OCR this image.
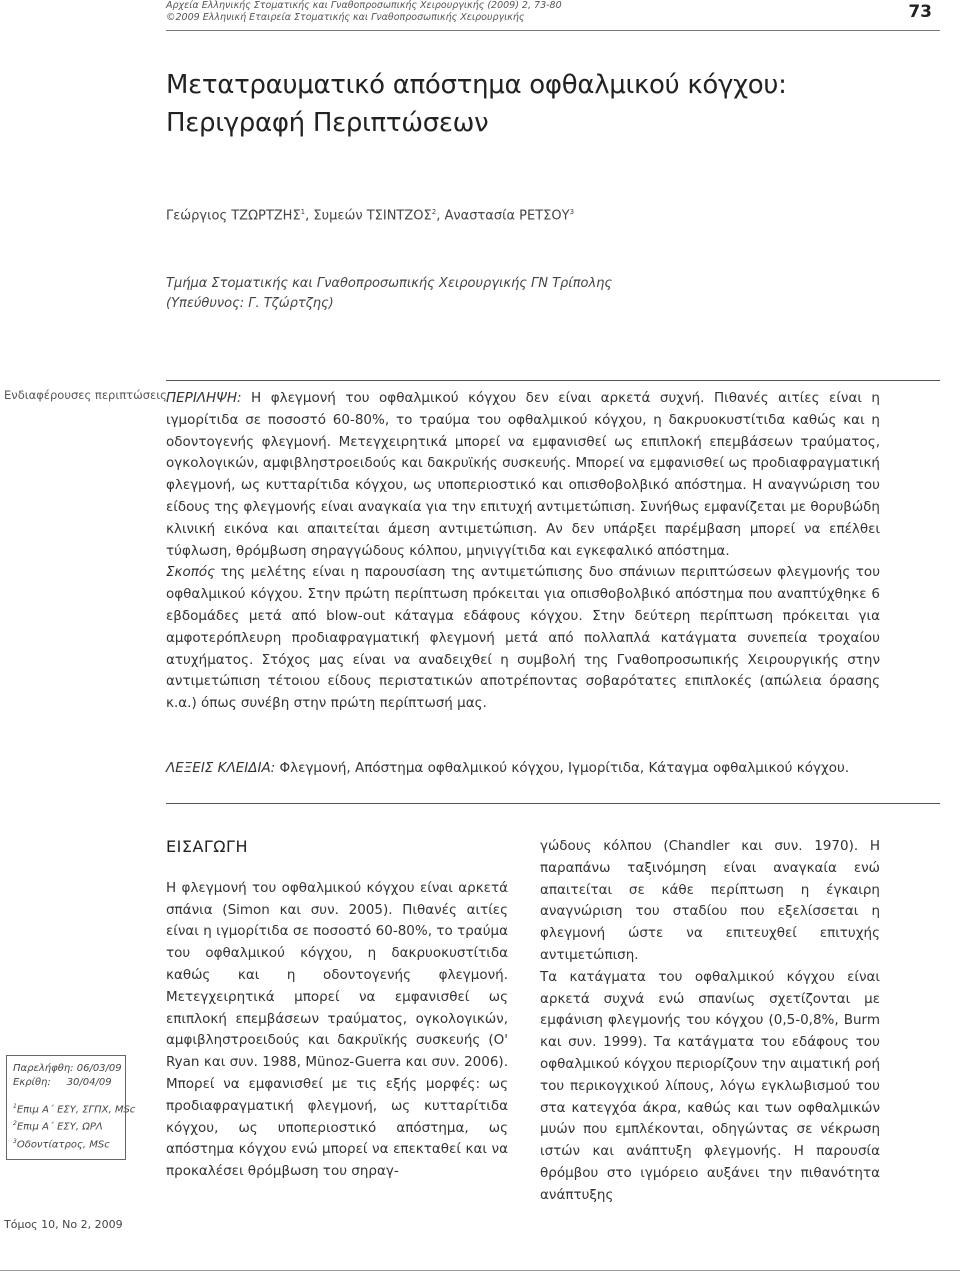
Αρχεία Ελληνικής Στοματικής και Γναθοπροσωπικής Χειρουργικής (2009) 2, 73-80
©2009 Ελληνική Εταιρεία Στοματικής και Γναθοπροσωπικής Χειρουργικής	73
Μετατραυματικό απόστημα οφθαλμικού κόγχου:
Περιγραφή Περιπτώσεων
Γεώργιος ΤΖΩΡΤΖΗΣ$^1$, Συμεών ΤΣΙΝΤΖΟΣ$^2$, Αναστασία ΡΕΤΣΟΥ$^3$
Τμήμα Στοματικής και Γναθοπροσωπικής Χειρουργικής ΓΝ Τρίπολης
(Υπεύθυνος: Γ. Τζώρτζης)
Ενδιαφέρουσες περιπτώσεις ΠΕΡΙΛΗΨΗ: Η φλεγμονή του οφθαλμικού κόγχου δεν είναι αρκετά συχνή. Πιθανές αιτίες είναι η ιγμορίτιδα σε ποσοστό 60-80%, το τραύμα του οφθαλμικού κόγχου, η δακρυοκυστίτιδα καθώς και η οδοντογενής φλεγμονή. Μετεγχειρητικά μπορεί να εμφανισθεί ως επιπλοκή επεμβάσεων τραύματος, ογκολογικών, αμφιβληστροειδούς και δακρυϊκής συσκευής. Μπορεί να εμφανισθεί ως προδιαφραγματική φλεγμονή, ως κυτταρίτιδα κόγχου, ως υποπεριοστικό και οπισθοβολβικό απόστημα. Η αναγνώριση του είδους της φλεγμονής είναι αναγκαία για την επιτυχή αντιμετώπιση. Συνήθως εμφανίζεται με θορυβώδη κλινική εικόνα και απαιτείται άμεση αντιμετώπιση. Αν δεν υπάρξει παρέμβαση μπορεί να επέλθει τύφλωση, θρόμβωση σηραγγώδους κόλπου, μηνιγγίτιδα και εγκεφαλικό απόστημα.

Σκοπός της μελέτης είναι η παρουσίαση της αντιμετώπισης δυο σπάνιων περιπτώσεων φλεγμονής του οφθαλμικού κόγχου. Στην πρώτη περίπτωση πρόκειται για οπισθοβολβικό απόστημα που αναπτύχθηκε 6 εβδομάδες μετά από blow-out κάταγμα εδάφους κόγχου. Στην δεύτερη περίπτωση πρόκειται για αμφοτερόπλευρη προδιαφραγματική φλεγμονή μετά από πολλαπλά κατάγματα συνεπεία τροχαίου ατυχήματος. Στόχος μας είναι να αναδειχθεί η συμβολή της Γναθοπροσωπικής Χειρουργικής στην αντιμετώπιση τέτοιου είδους περιστατικών αποτρέποντας σοβαρότατες επιπλοκές (απώλεια όρασης κ.α.) όπως συνέβη στην πρώτη περίπτωσή μας.

ΛΕΞΕΙΣ ΚΛΕΙΔΙΑ: Φλεγμονή, Απόστημα οφθαλμικού κόγχου, Ιγμορίτιδα, Κάταγμα οφθαλμικού κόγχου.
ΕΙΣΑΓΩΓΗ

Η φλεγμονή του οφθαλμικού κόγχου είναι αρκετά σπάνια (Simon και συν. 2005). Πιθανές αιτίες είναι η ιγμορίτιδα σε ποσοστό 60-80%, το τραύμα του οφθαλμικού κόγχου, η δακρυοκυστίτιδα καθώς και η οδοντογενής φλεγμονή. Μετεγχειρητικά μπορεί να εμφανισθεί ως επιπλοκή επεμβάσεων τραύματος, ογκολογικών, αμφιβληστροειδούς και δακρυϊκής συσκευής (O' Ryan και συν. 1988, Münoz-Guerra και συν. 2006). Μπορεί να εμφανισθεί με τις εξής μορφές: ως προδιαφραγματική φλεγμονή, ως κυτταρίτιδα κόγχου, ως υποπεριοστικό απόστημα, ως απόστημα κόγχου ενώ μπορεί να επεκταθεί και να προκαλέσει θρόμβωση του σηραγ-

γώδους κόλπου (Chandler και συν. 1970). Η παραπάνω ταξινόμηση είναι αναγκαία ενώ απαιτείται σε κάθε περίπτωση η έγκαιρη αναγνώριση του σταδίου που εξελίσσεται η φλεγμονή ώστε να επιτευχθεί επιτυχής αντιμετώπιση.

Τα κατάγματα του οφθαλμικού κόγχου είναι αρκετά συχνά ενώ σπανίως σχετίζονται με εμφάνιση φλεγμονής του κόγχου (0,5-0,8%, Burm και συν. 1999). Τα κατάγματα του εδάφους του οφθαλμικού κόγχου περιορίζουν την αιματική ροή του περικογχικού λίπους, λόγω εγκλωβισμού του στα κατεγχόα άκρα, καθώς και των οφθαλμικών μυών που εμπλέκονται, οδηγώντας σε νέκρωση ιστών και ανάπτυξη φλεγμονής. Η παρουσία θρόμβου στο ιγμόρειο αυξάνει την πιθανότητα ανάπτυξης

Παρελήφθη: 06/03/09
Εκρίθη: 30/04/09
$^1$Επιμ Α΄ ΕΣΥ, ΣΓΠΧ, MSc
$^2$Επιμ Α΄ ΕΣΥ, ΩΡΛ
$^3$Οδοντίατρος, MSc
Τόμος 10, Νο 2, 2009
